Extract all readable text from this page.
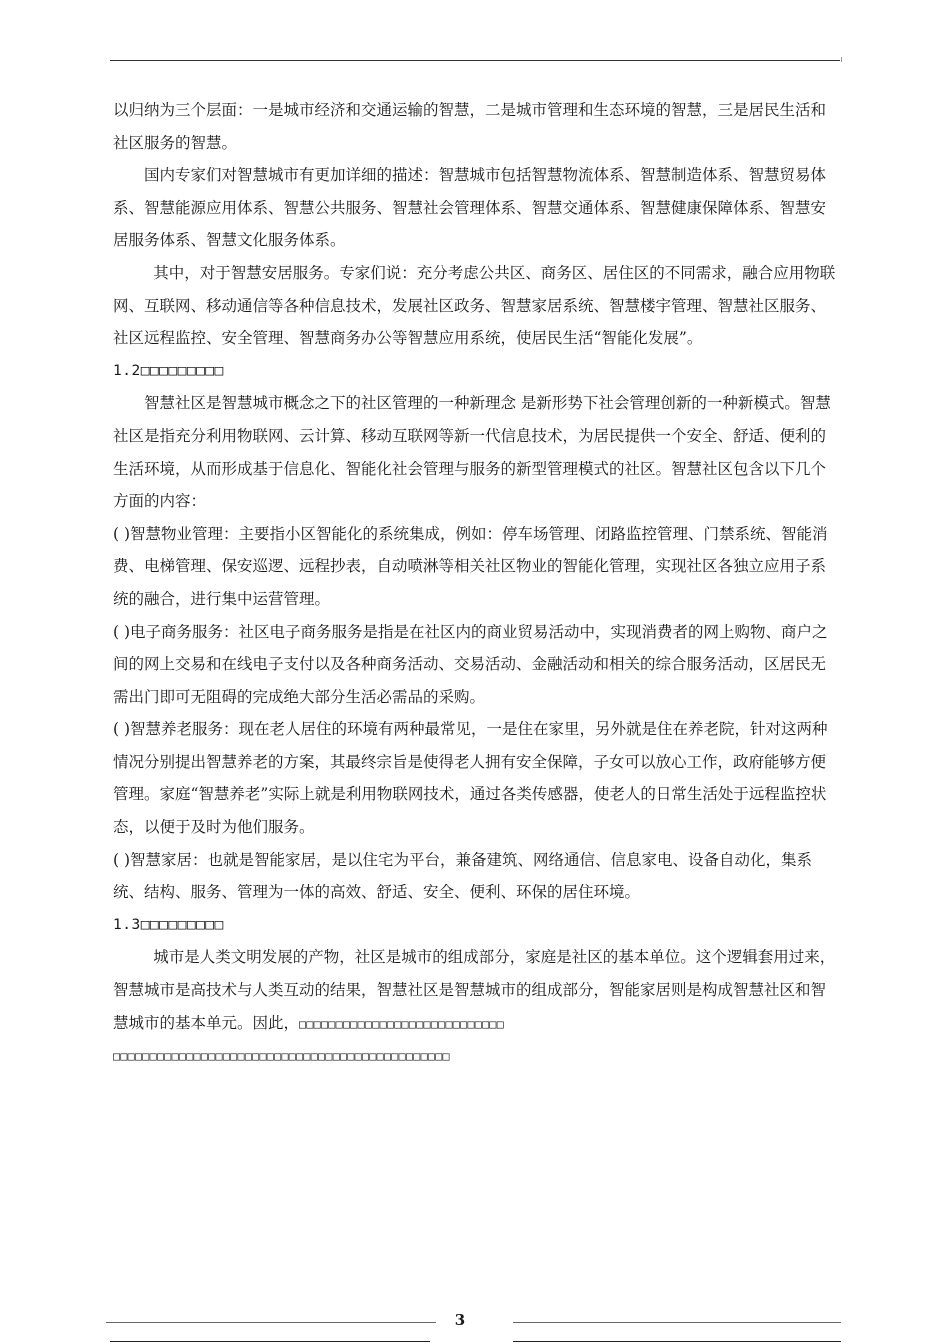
以归纳为三个层面：一是城市经济和交通运输的智慧，二是城市管理和生态环境的智慧，三是居民生活和社区服务的智慧。

国内专家们对智慧城市有更加详细的描述：智慧城市包括智慧物流体系、智慧制造体系、智慧贸易体系、智慧能源应用体系、智慧公共服务、智慧社会管理体系、智慧交通体系、智慧健康保障体系、智慧安居服务体系、智慧文化服务体系。

其中，对于智慧安居服务。专家们说：充分考虑公共区、商务区、居住区的不同需求，融合应用物联网、互联网、移动通信等各种信息技术，发展社区政务、智慧家居系统、智慧楼宇管理、智慧社区服务、社区远程监控、安全管理、智慧商务办公等智慧应用系统，使居民生活“智能化发展”。

1.2□□□□□□□□□

智慧社区是智慧城市概念之下的社区管理的一种新理念 是新形势下社会管理创新的一种新模式。智慧社区是指充分利用物联网、云计算、移动互联网等新一代信息技术，为居民提供一个安全、舒适、便利的生活环境，从而形成基于信息化、智能化社会管理与服务的新型管理模式的社区。智慧社区包含以下几个方面的内容：

( )智慧物业管理：主要指小区智能化的系统集成，例如：停车场管理、闭路监控管理、门禁系统、智能消费、电梯管理、保安巡逻、远程抄表，自动喷淋等相关社区物业的智能化管理，实现社区各独立应用子系统的融合，进行集中运营管理。

( )电子商务服务：社区电子商务服务是指是在社区内的商业贸易活动中，实现消费者的网上购物、商户之间的网上交易和在线电子支付以及各种商务活动、交易活动、金融活动和相关的综合服务活动，区居民无需出门即可无阻碍的完成绝大部分生活必需品的采购。

( )智慧养老服务：现在老人居住的环境有两种最常见，一是住在家里，另外就是住在养老院，针对这两种情况分别提出智慧养老的方案，其最终宗旨是使得老人拥有安全保障，子女可以放心工作，政府能够方便管理。家庭“智慧养老”实际上就是利用物联网技术，通过各类传感器，使老人的日常生活处于远程监控状态，以便于及时为他们服务。

( )智慧家居：也就是智能家居，是以住宅为平台，兼备建筑、网络通信、信息家电、设备自动化，集系统、结构、服务、管理为一体的高效、舒适、安全、便利、环保的居住环境。

1.3□□□□□□□□□

城市是人类文明发展的产物，社区是城市的组成部分，家庭是社区的基本单位。这个逻辑套用过来，智慧城市是高技术与人类互动的结果，智慧社区是智慧城市的组成部分，智能家居则是构成智慧社区和智慧城市的基本单元。因此，□□□□□□□□□□□□□□□□□□□□□□□□□□□□

□□□□□□□□□□□□□□□□□□□□□□□□□□□□□□□□□□□□□□□□□□□□□□

3
